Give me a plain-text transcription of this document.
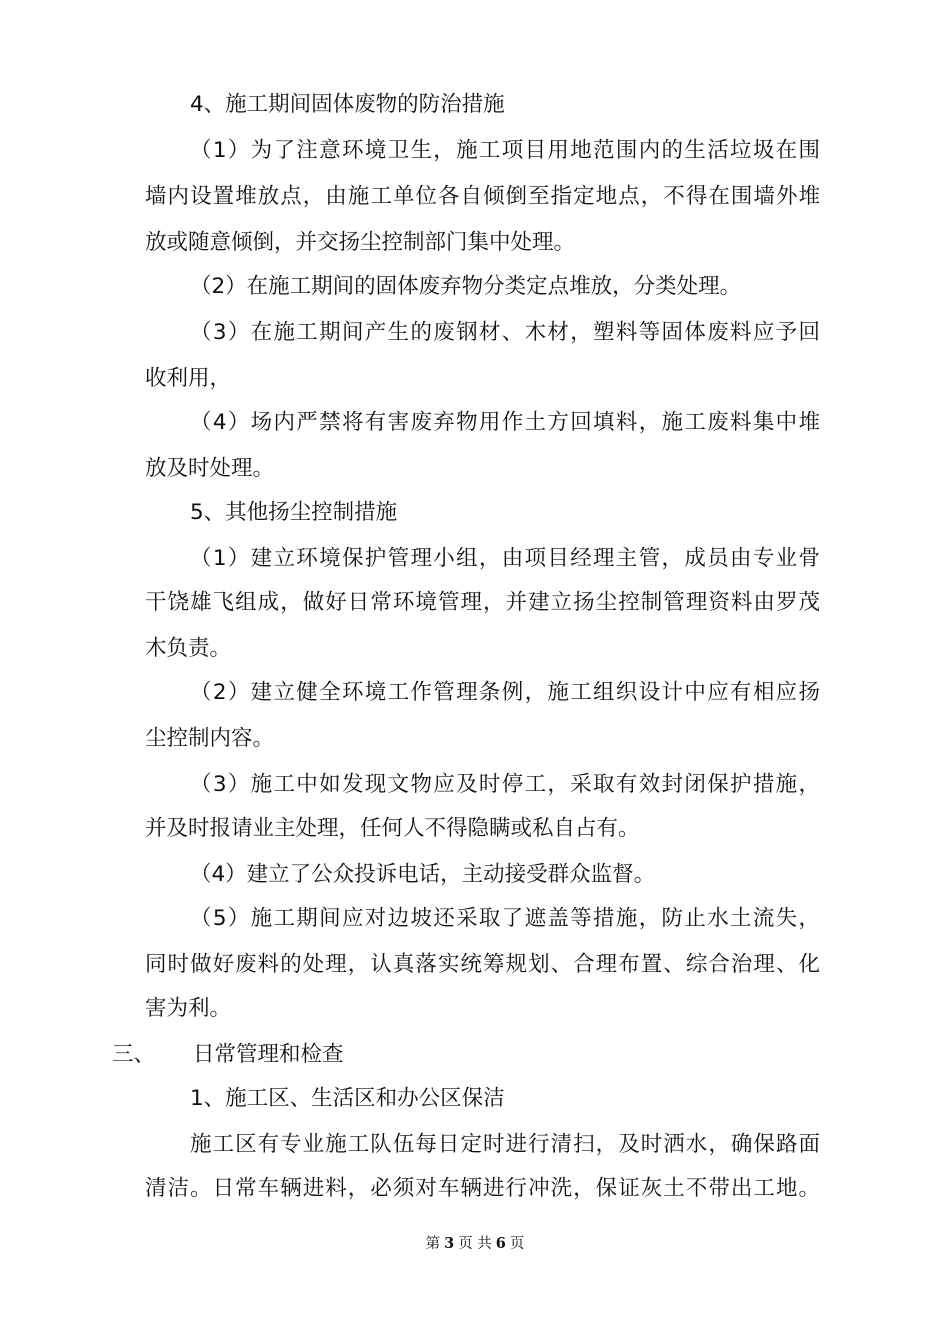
4、施工期间固体废物的防治措施
（1）为了注意环境卫生，施工项目用地范围内的生活垃圾在围
墙内设置堆放点，由施工单位各自倾倒至指定地点，不得在围墙外堆
放或随意倾倒，并交扬尘控制部门集中处理。
（2）在施工期间的固体废弃物分类定点堆放，分类处理。
（3）在施工期间产生的废钢材、木材，塑料等固体废料应予回
收利用，
（4）场内严禁将有害废弃物用作土方回填料，施工废料集中堆
放及时处理。
5、其他扬尘控制措施
（1）建立环境保护管理小组，由项目经理主管，成员由专业骨
干饶雄飞组成，做好日常环境管理，并建立扬尘控制管理资料由罗茂
木负责。
（2）建立健全环境工作管理条例，施工组织设计中应有相应扬
尘控制内容。
（3）施工中如发现文物应及时停工，采取有效封闭保护措施，
并及时报请业主处理，任何人不得隐瞒或私自占有。
（4）建立了公众投诉电话，主动接受群众监督。
（5）施工期间应对边坡还采取了遮盖等措施，防止水土流失，
同时做好废料的处理，认真落实统筹规划、合理布置、综合治理、化
害为利。
三、 日常管理和检查
1、施工区、生活区和办公区保洁
施工区有专业施工队伍每日定时进行清扫，及时洒水，确保路面
清洁。日常车辆进料，必须对车辆进行冲洗，保证灰土不带出工地。
第 3 页 共 6 页
